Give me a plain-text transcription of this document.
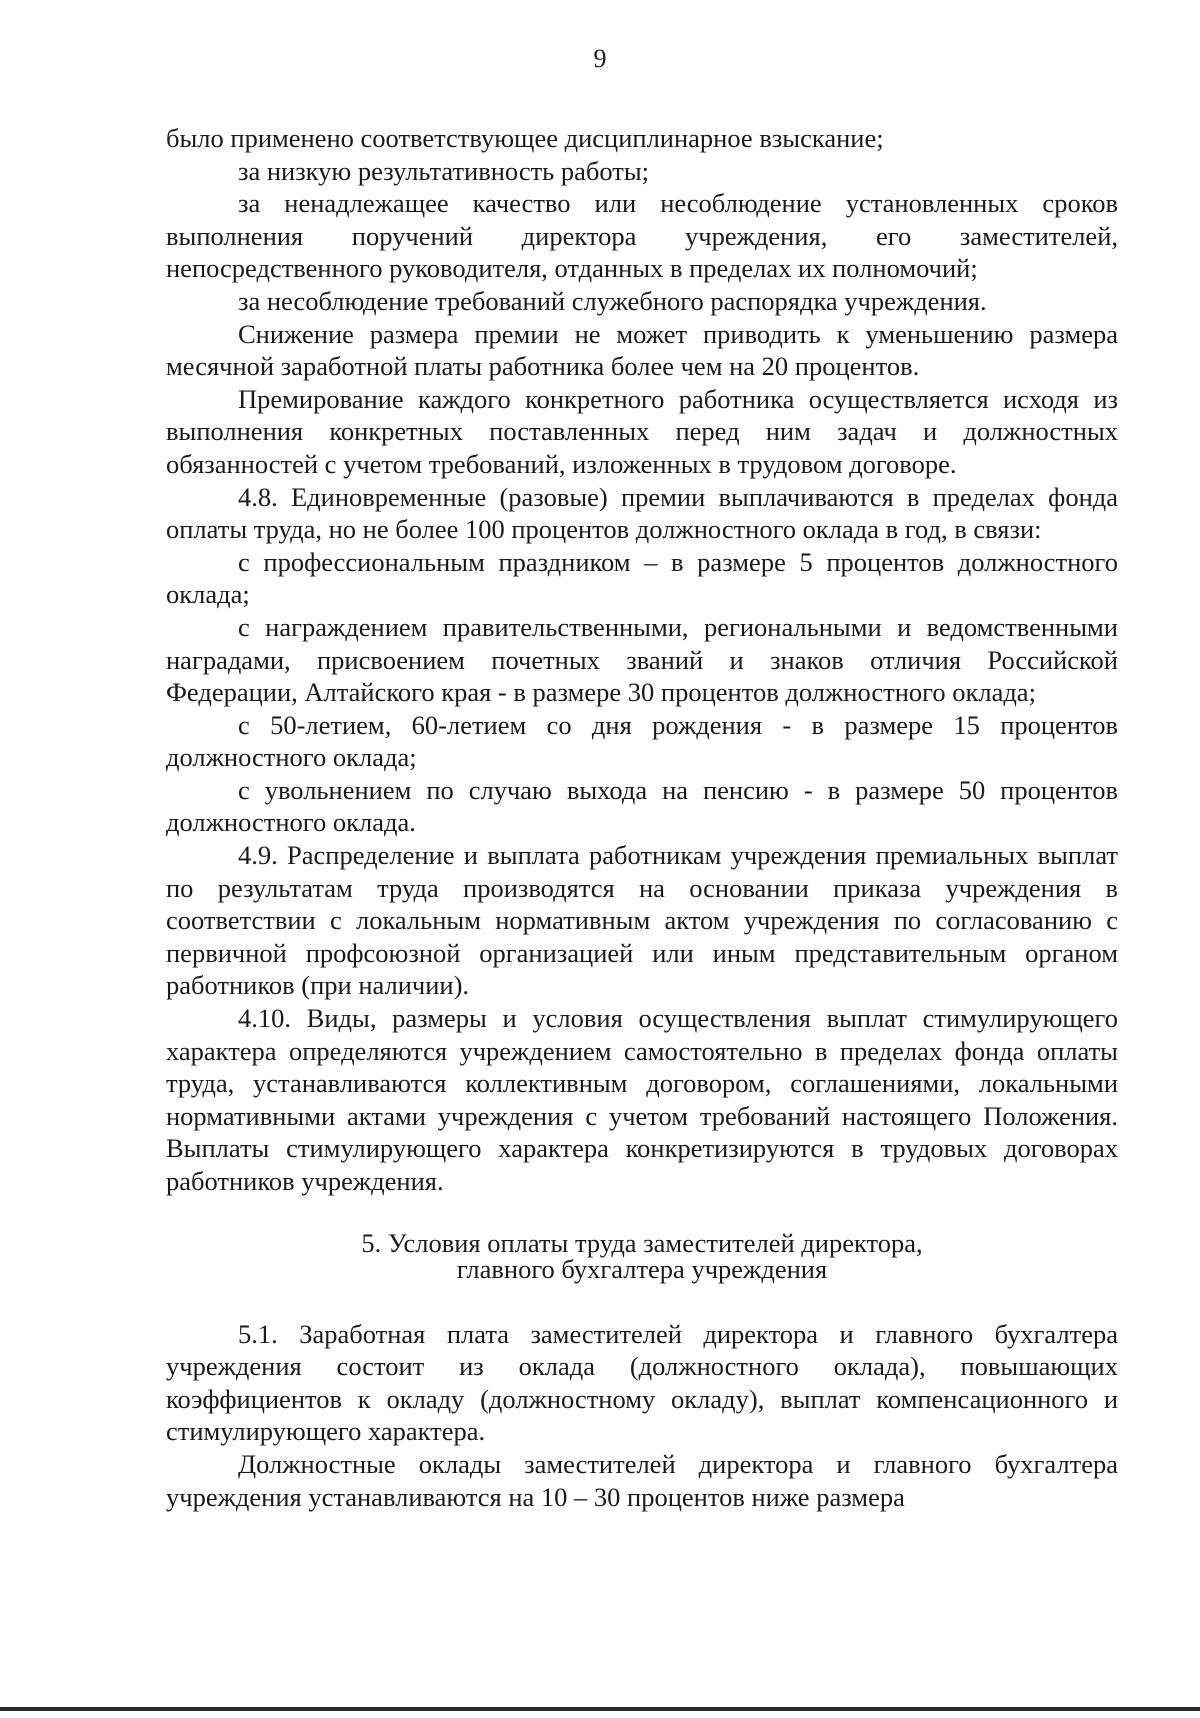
9

было применено соответствующее дисциплинарное взыскание;

за низкую результативность работы;

за ненадлежащее качество или несоблюдение установленных сроков выполнения поручений директора учреждения, его заместителей, непосредственного руководителя, отданных в пределах их полномочий;

за несоблюдение требований служебного распорядка учреждения.

Снижение размера премии не может приводить к уменьшению размера месячной заработной платы работника более чем на 20 процентов.

Премирование каждого конкретного работника осуществляется исходя из выполнения конкретных поставленных перед ним задач и должностных обязанностей с учетом требований, изложенных в трудовом договоре.

4.8. Единовременные (разовые) премии выплачиваются в пределах фонда оплаты труда, но не более 100 процентов должностного оклада в год, в связи:

с профессиональным праздником – в размере 5 процентов должностного оклада;

с награждением правительственными, региональными и ведомственными наградами, присвоением почетных званий и знаков отличия Российской Федерации, Алтайского края - в размере 30 процентов должностного оклада;

с 50-летием, 60-летием со дня рождения - в размере 15 процентов должностного оклада;

с увольнением по случаю выхода на пенсию - в размере 50 процентов должностного оклада.

4.9. Распределение и выплата работникам учреждения премиальных выплат по результатам труда производятся на основании приказа учреждения в соответствии с локальным нормативным актом учреждения по согласованию с первичной профсоюзной организацией или иным представительным органом работников (при наличии).

4.10. Виды, размеры и условия осуществления выплат стимулирующего характера определяются учреждением самостоятельно в пределах фонда оплаты труда, устанавливаются коллективным договором, соглашениями, локальными нормативными актами учреждения с учетом требований настоящего Положения. Выплаты стимулирующего характера конкретизируются в трудовых договорах работников учреждения.

5. Условия оплаты труда заместителей директора,
главного бухгалтера учреждения

5.1. Заработная плата заместителей директора и главного бухгалтера учреждения состоит из оклада (должностного оклада), повышающих коэффициентов к окладу (должностному окладу), выплат компенсационного и стимулирующего характера.

Должностные оклады заместителей директора и главного бухгалтера учреждения устанавливаются на 10 – 30 процентов ниже размера
